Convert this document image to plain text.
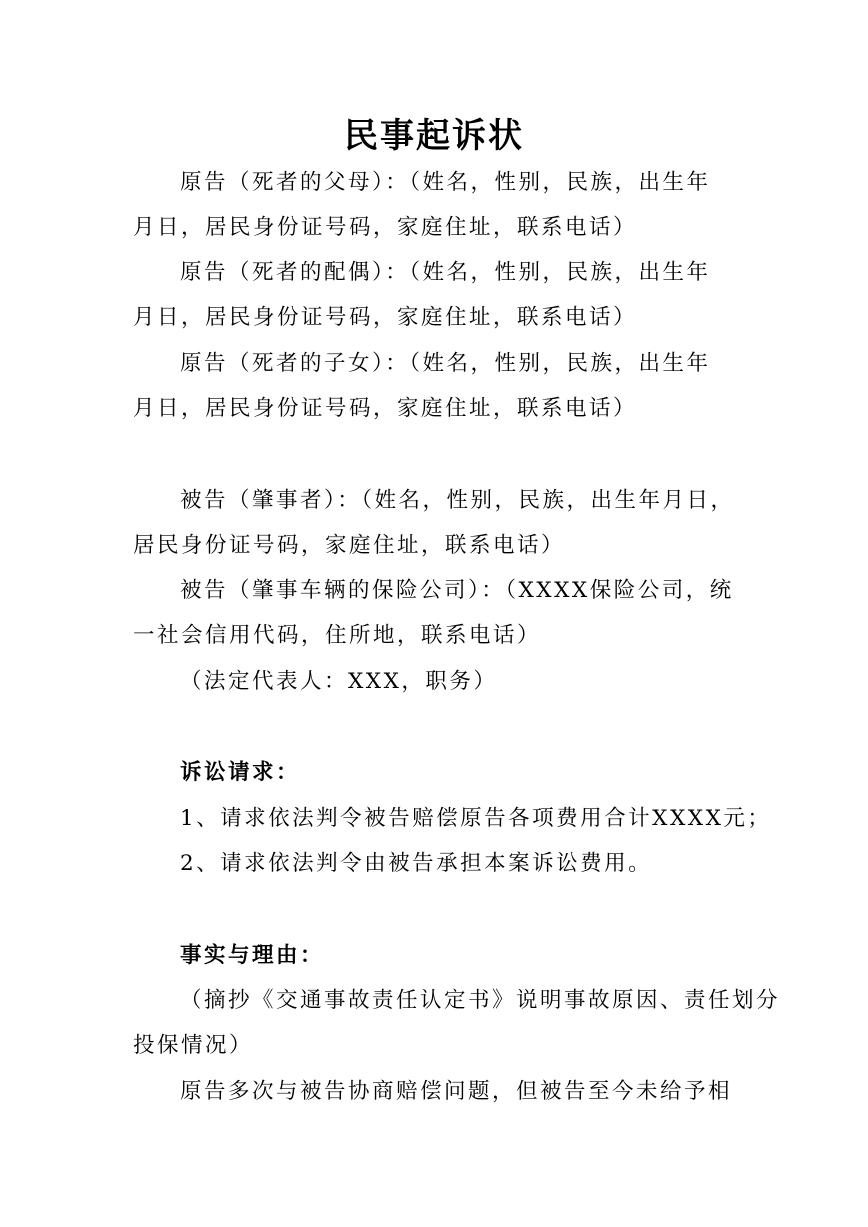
民事起诉状
原告（死者的父母）：（姓名，性别，民族，出生年
月日，居民身份证号码，家庭住址，联系电话）
原告（死者的配偶）：（姓名，性别，民族，出生年
月日，居民身份证号码，家庭住址，联系电话）
原告（死者的子女）：（姓名，性别，民族，出生年
月日，居民身份证号码，家庭住址，联系电话）
被告（肇事者）：（姓名，性别，民族，出生年月日，
居民身份证号码，家庭住址，联系电话）
被告（肇事车辆的保险公司）：（XXXX保险公司，统
一社会信用代码，住所地，联系电话）
（法定代表人：XXX，职务）
诉讼请求：
1、请求依法判令被告赔偿原告各项费用合计XXXX元；
2、请求依法判令由被告承担本案诉讼费用。
事实与理由：
（摘抄《交通事故责任认定书》说明事故原因、责任划分
投保情况）
原告多次与被告协商赔偿问题，但被告至今未给予相
